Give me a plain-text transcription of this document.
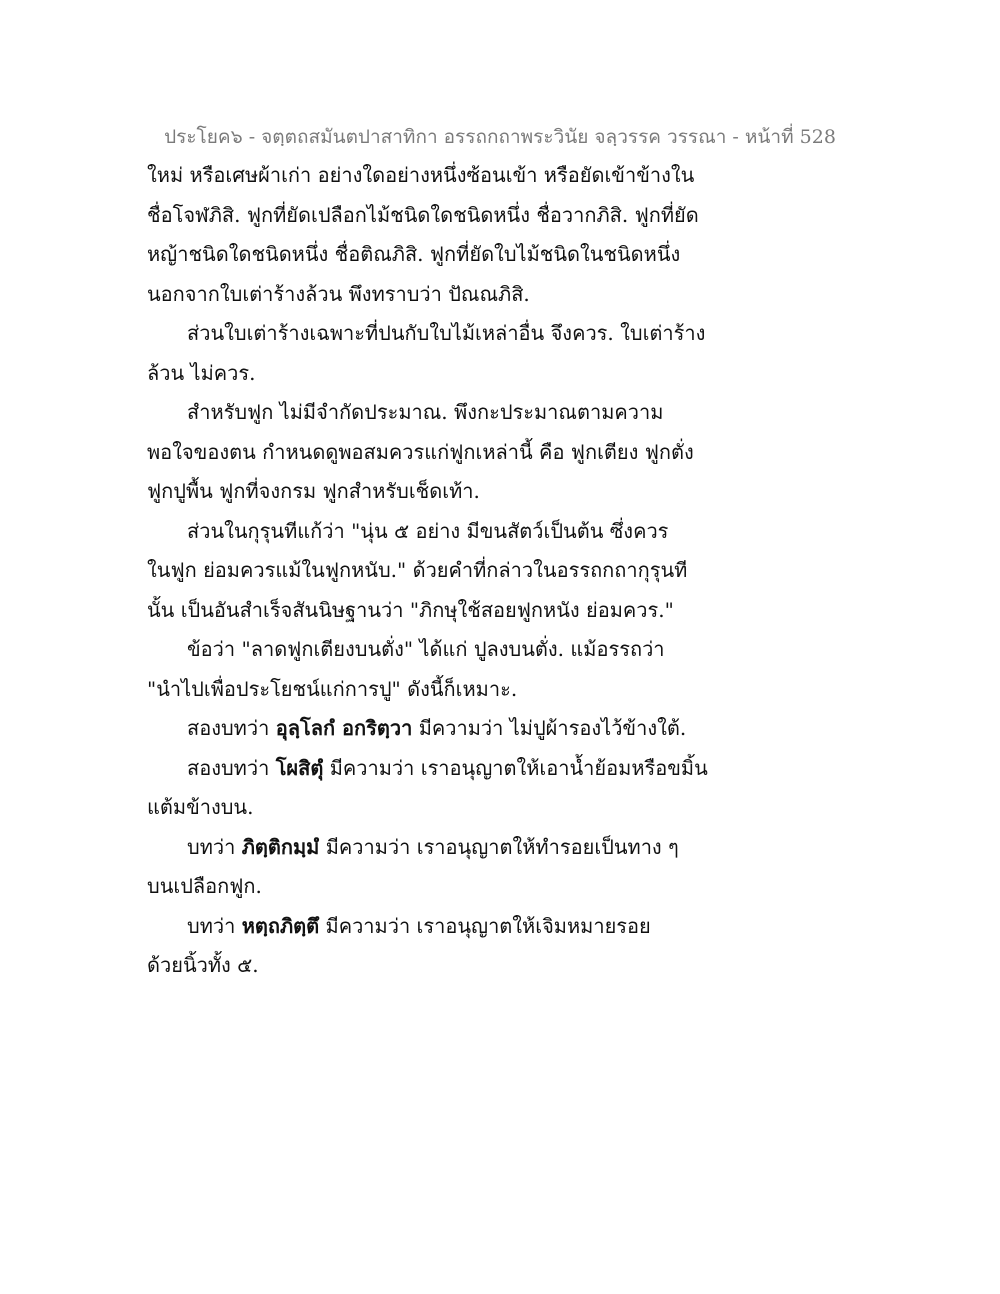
ประโยค๖ - จตฺตถสมันตปาสาทิกา อรรถกถาพระวินัย จลฺวรรค วรรณา - หน้าที่ 528
ใหม่ หรือเศษผ้าเก่า อย่างใดอย่างหนึ่งซ้อนเข้า หรือยัดเข้าข้างใน
ชื่อโจฬภิสิ. ฟูกที่ยัดเปลือกไม้ชนิดใดชนิดหนึ่ง ชื่อวากภิสิ. ฟูกที่ยัด
หญ้าชนิดใดชนิดหนึ่ง ชื่อติณภิสิ. ฟูกที่ยัดใบไม้ชนิดในชนิดหนึ่ง
นอกจากใบเต่าร้างล้วน พึงทราบว่า ปัณณภิสิ.
ส่วนใบเต่าร้างเฉพาะที่ปนกับใบไม้เหล่าอื่น จึงควร. ใบเต่าร้าง
ล้วน ไม่ควร.
สำหรับฟูก ไม่มีจำกัดประมาณ. พึงกะประมาณตามความ
พอใจของตน กำหนดดูพอสมควรแก่ฟูกเหล่านี้ คือ ฟูกเตียง ฟูกตั่ง
ฟูกปูพื้น ฟูกที่จงกรม ฟูกสำหรับเช็ดเท้า.
ส่วนในกุรุนทีแก้ว่า "นุ่น ๕ อย่าง มีขนสัตว์เป็นต้น ซึ่งควร
ในฟูก ย่อมควรแม้ในฟูกหนับ." ด้วยคำที่กล่าวในอรรถกถากุรุนที
นั้น เป็นอันสำเร็จสันนิษฐานว่า "ภิกษุใช้สอยฟูกหนัง ย่อมควร."
ข้อว่า "ลาดฟูกเตียงบนตั่ง" ได้แก่ ปูลงบนตั่ง. แม้อรรถว่า
"นำไปเพื่อประโยชน์แก่การปู" ดังนี้ก็เหมาะ.
สองบทว่า อุลฺโลกํ อกริตฺวา มีความว่า ไม่ปูผ้ารองไว้ข้างใต้.
สองบทว่า โผสิตุํ มีความว่า เราอนุญาตให้เอาน้ำย้อมหรือขมิ้น
แต้มข้างบน.
บทว่า ภิตฺติกมฺมํ มีความว่า เราอนุญาตให้ทำรอยเป็นทาง ๆ
บนเปลือกฟูก.
บทว่า หตฺถภิตฺตึ มีความว่า เราอนุญาตให้เจิมหมายรอย
ด้วยนิ้วทั้ง ๕.
